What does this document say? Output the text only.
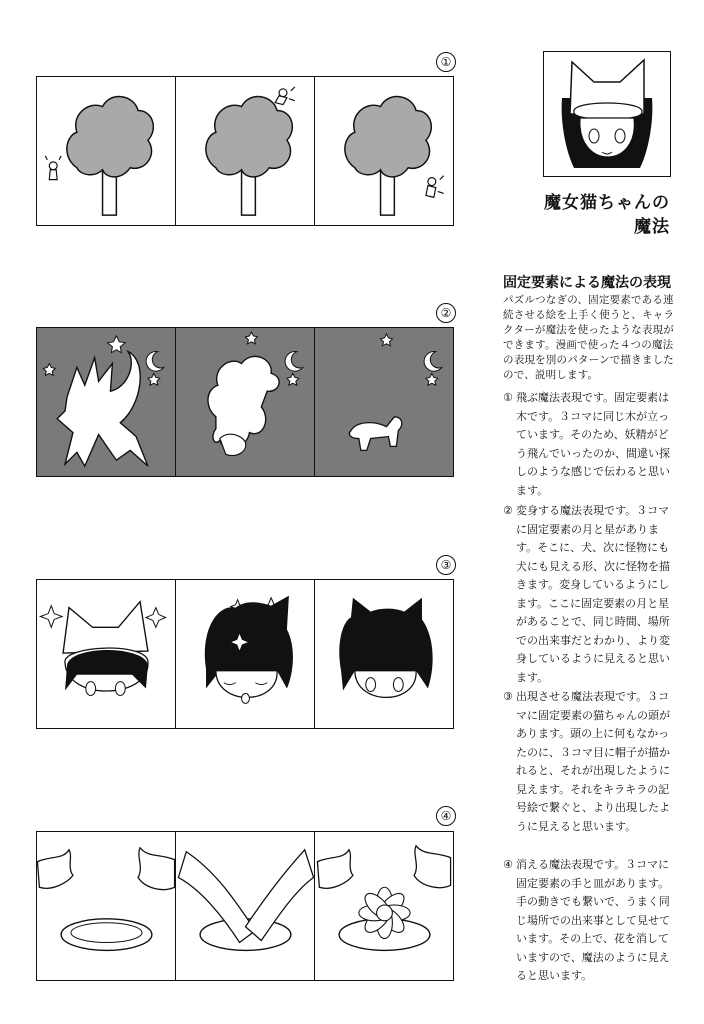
①
②
③
④
魔女猫ちゃんの
魔法
固定要素による魔法の表現
パズルつなぎの、固定要素である連続させる絵を上手く使うと、キャラクターが魔法を使ったような表現ができます。漫画で使った４つの魔法の表現を別のパターンで描きましたので、説明します。
① 飛ぶ魔法表現です。固定要素は木です。３コマに同じ木が立っています。そのため、妖精がどう飛んでいったのか、間違い探しのような感じで伝わると思います。
② 変身する魔法表現です。３コマに固定要素の月と星があります。そこに、犬、次に怪物にも犬にも見える形、次に怪物を描きます。変身しているようにします。ここに固定要素の月と星があることで、同じ時間、場所での出来事だとわかり、より変身しているように見えると思います。
③ 出現させる魔法表現です。３コマに固定要素の猫ちゃんの頭があります。頭の上に何もなかったのに、３コマ目に帽子が描かれると、それが出現したように見えます。それをキラキラの記号絵で繋ぐと、より出現したように見えると思います。
④ 消える魔法表現です。３コマに固定要素の手と皿があります。手の動きでも繋いで、うまく同じ場所での出来事として見せています。その上で、花を消していますので、魔法のように見えると思います。
